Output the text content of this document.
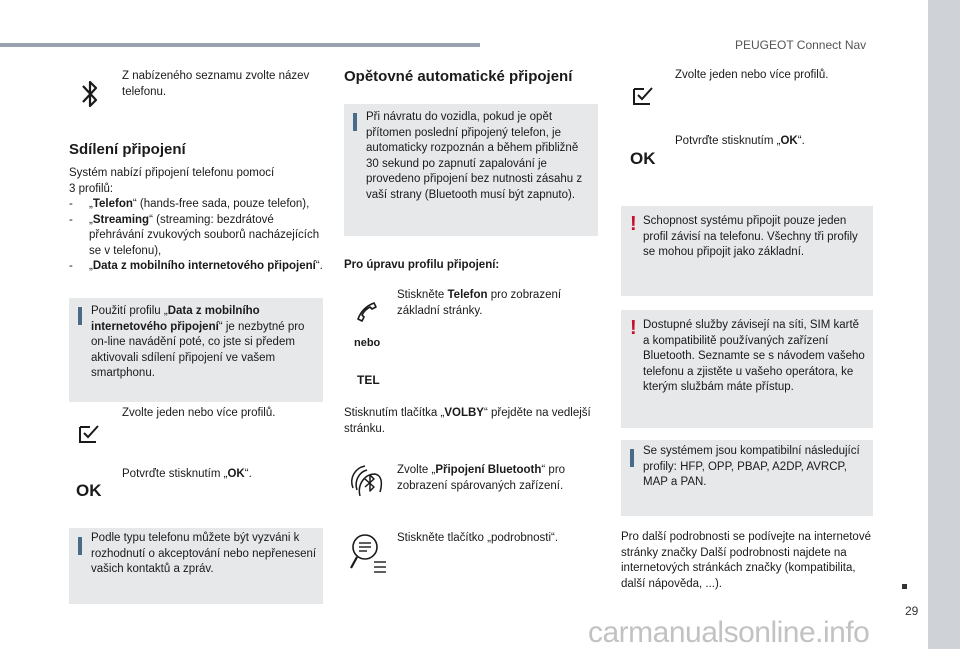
PEUGEOT Connect Nav
29
carmanualsonline.info
Z nabízeného seznamu zvolte název telefonu.
Sdílení připojení
Systém nabízí připojení telefonu pomocí
3 profilů:
-	„Telefon“ (hands-free sada, pouze telefon),
-	„Streaming“ (streaming: bezdrátové přehrávání zvukových souborů nacházejících se v telefonu),
-	„Data z mobilního internetového připojení“.
Použití profilu „Data z mobilního internetového připojení“ je nezbytné pro on-line navádění poté, co jste si předem aktivovali sdílení připojení ve vašem smartphonu.
Zvolte jeden nebo více profilů.
OK
Potvrďte stisknutím „OK“.
Podle typu telefonu můžete být vyzváni k rozhodnutí o akceptování nebo nepřenesení vašich kontaktů a zpráv.
Opětovné automatické připojení
Při návratu do vozidla, pokud je opět přítomen poslední připojený telefon, je automaticky rozpoznán a během přibližně 30 sekund po zapnutí zapalování je provedeno připojení bez nutnosti zásahu z vaší strany (Bluetooth musí být zapnuto).
Pro úpravu profilu připojení:
Stiskněte Telefon pro zobrazení základní stránky.
nebo
TEL
Stisknutím tlačítka „VOLBY“ přejděte na vedlejší stránku.
Zvolte „Připojení Bluetooth“ pro zobrazení spárovaných zařízení.
Stiskněte tlačítko „podrobnosti“.
Zvolte jeden nebo více profilů.
OK
Potvrďte stisknutím „OK“.
! Schopnost systému připojit pouze jeden profil závisí na telefonu. Všechny tři profily se mohou připojit jako základní.
! Dostupné služby závisejí na síti, SIM kartě a kompatibilitě používaných zařízení Bluetooth. Seznamte se s návodem vašeho telefonu a zjistěte u vašeho operátora, ke kterým službám máte přístup.
Se systémem jsou kompatibilní následující profily: HFP, OPP, PBAP, A2DP, AVRCP, MAP a PAN.
Pro další podrobnosti se podívejte na internetové stránky značky Další podrobnosti najdete na internetových stránkách značky (kompatibilita, další nápověda, ...).
